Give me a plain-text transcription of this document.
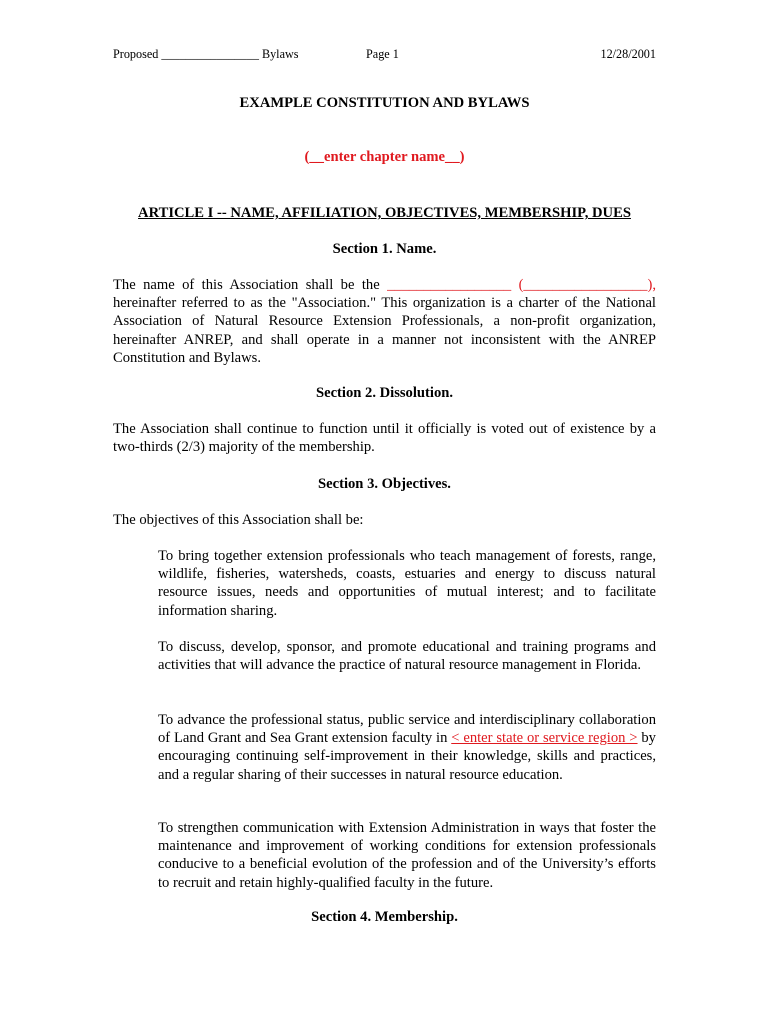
Proposed ________________ Bylaws	Page 1	12/28/2001
EXAMPLE CONSTITUTION AND BYLAWS
(__enter chapter name__)
ARTICLE I -- NAME, AFFILIATION, OBJECTIVES, MEMBERSHIP, DUES
Section 1. Name.
The name of this Association shall be the _________________ (_________________),
hereinafter referred to as the "Association." This organization is a charter of the National Association of Natural Resource Extension Professionals, a non-profit organization, hereinafter ANREP, and shall operate in a manner not inconsistent with the ANREP Constitution and Bylaws.
Section 2. Dissolution.
The Association shall continue to function until it officially is voted out of existence by a two-thirds (2/3) majority of the membership.
Section 3. Objectives.
The objectives of this Association shall be:
To bring together extension professionals who teach management of forests, range, wildlife, fisheries, watersheds, coasts, estuaries and energy to discuss natural resource issues, needs and opportunities of mutual interest; and to facilitate information sharing.
To discuss, develop, sponsor, and promote educational and training programs and activities that will advance the practice of natural resource management in Florida.
To advance the professional status, public service and interdisciplinary collaboration of Land Grant and Sea Grant extension faculty in < enter state or service region > by encouraging continuing self-improvement in their knowledge, skills and practices, and a regular sharing of their successes in natural resource education.
To strengthen communication with Extension Administration in ways that foster the maintenance and improvement of working conditions for extension professionals conducive to a beneficial evolution of the profession and of the University’s efforts to recruit and retain highly-qualified faculty in the future.
Section 4. Membership.
